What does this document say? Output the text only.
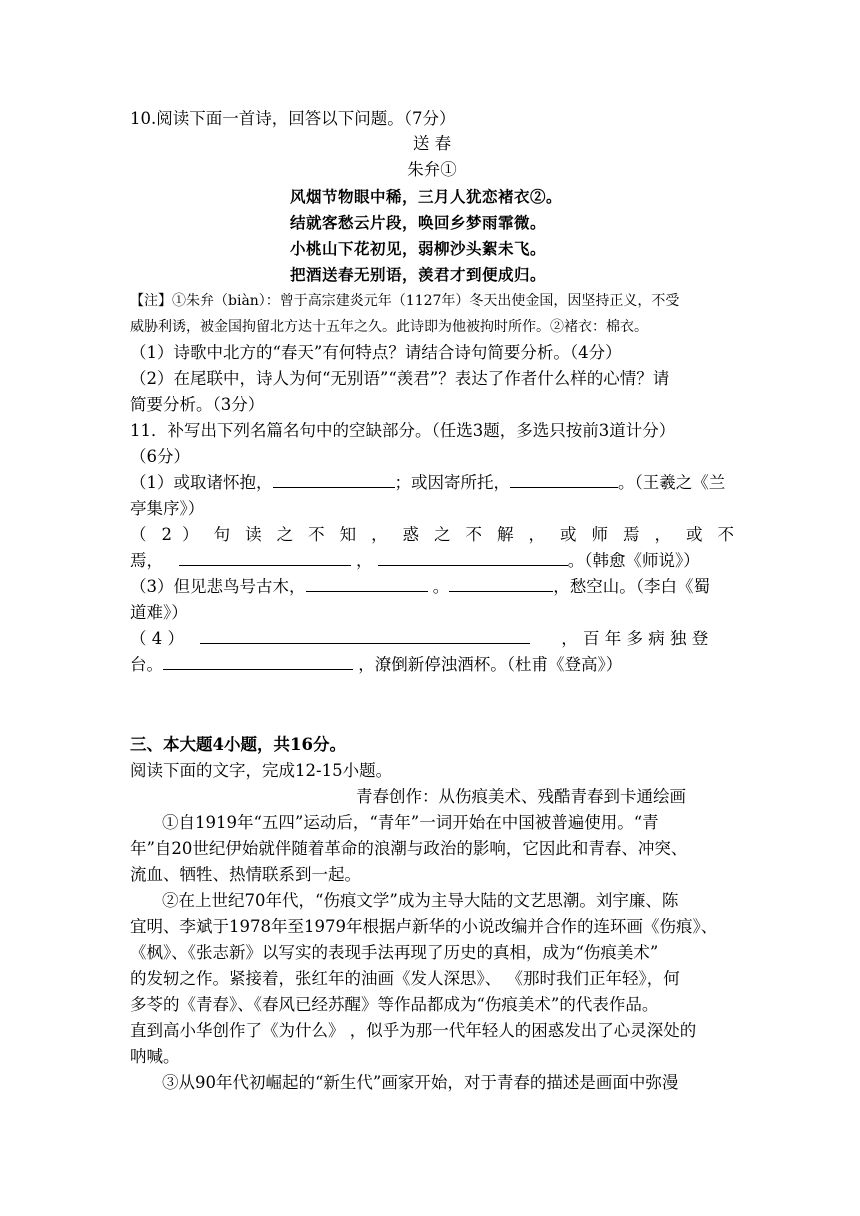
10.阅读下面一首诗，回答以下问题。（7分）
送 春
朱弁①
风烟节物眼中稀，三月人犹恋褚衣②。
结就客愁云片段，唤回乡梦雨霏微。
小桃山下花初见，弱柳沙头絮未飞。
把酒送春无别语，羡君才到便成归。
【注】①朱弁（biàn）：曾于高宗建炎元年（1127年）冬天出使金国，因坚持正义，不受
威胁利诱，被金国拘留北方达十五年之久。此诗即为他被拘时所作。②褚衣：棉衣。
（1）诗歌中北方的“春天”有何特点？请结合诗句简要分析。（4分）
（2）在尾联中，诗人为何“无别语”“羡君”？表达了作者什么样的心情？请
简要分析。（3分）
11．补写出下列名篇名句中的空缺部分。（任选3题，多选只按前3道计分）
（6分）
（1）或取诸怀抱，	；或因寄所托，	。（王羲之《兰
亭集序》）
（ 2 ） 句 读 之 不 知 ， 惑 之 不 解 ， 或 师 焉 ， 或 不
焉，	，	。（韩愈《师说》）
（3）但见悲鸟号古木，	。	，愁空山。（李白《蜀
道难》）
（ 4 ）	， 百 年 多 病 独 登
台。	，潦倒新停浊酒杯。（杜甫《登高》）
三、本大题4小题，共16分。
阅读下面的文字，完成12-15小题。
青春创作：从伤痕美术、残酷青春到卡通绘画
①自1919年“五四”运动后，“青年”一词开始在中国被普遍使用。“青
年”自20世纪伊始就伴随着革命的浪潮与政治的影响，它因此和青春、冲突、
流血、牺牲、热情联系到一起。
②在上世纪70年代，“伤痕文学”成为主导大陆的文艺思潮。刘宇廉、陈
宜明、李斌于1978年至1979年根据卢新华的小说改编并合作的连环画《伤痕》、
《枫》、《张志新》以写实的表现手法再现了历史的真相，成为“伤痕美术”
的发轫之作。紧接着，张红年的油画《发人深思》、 《那时我们正年轻》，何
多苓的《青春》、《春风已经苏醒》等作品都成为“伤痕美术”的代表作品。
直到高小华创作了《为什么》 ，似乎为那一代年轻人的困惑发出了心灵深处的
呐喊。
③从90年代初崛起的“新生代”画家开始，对于青春的描述是画面中弥漫
